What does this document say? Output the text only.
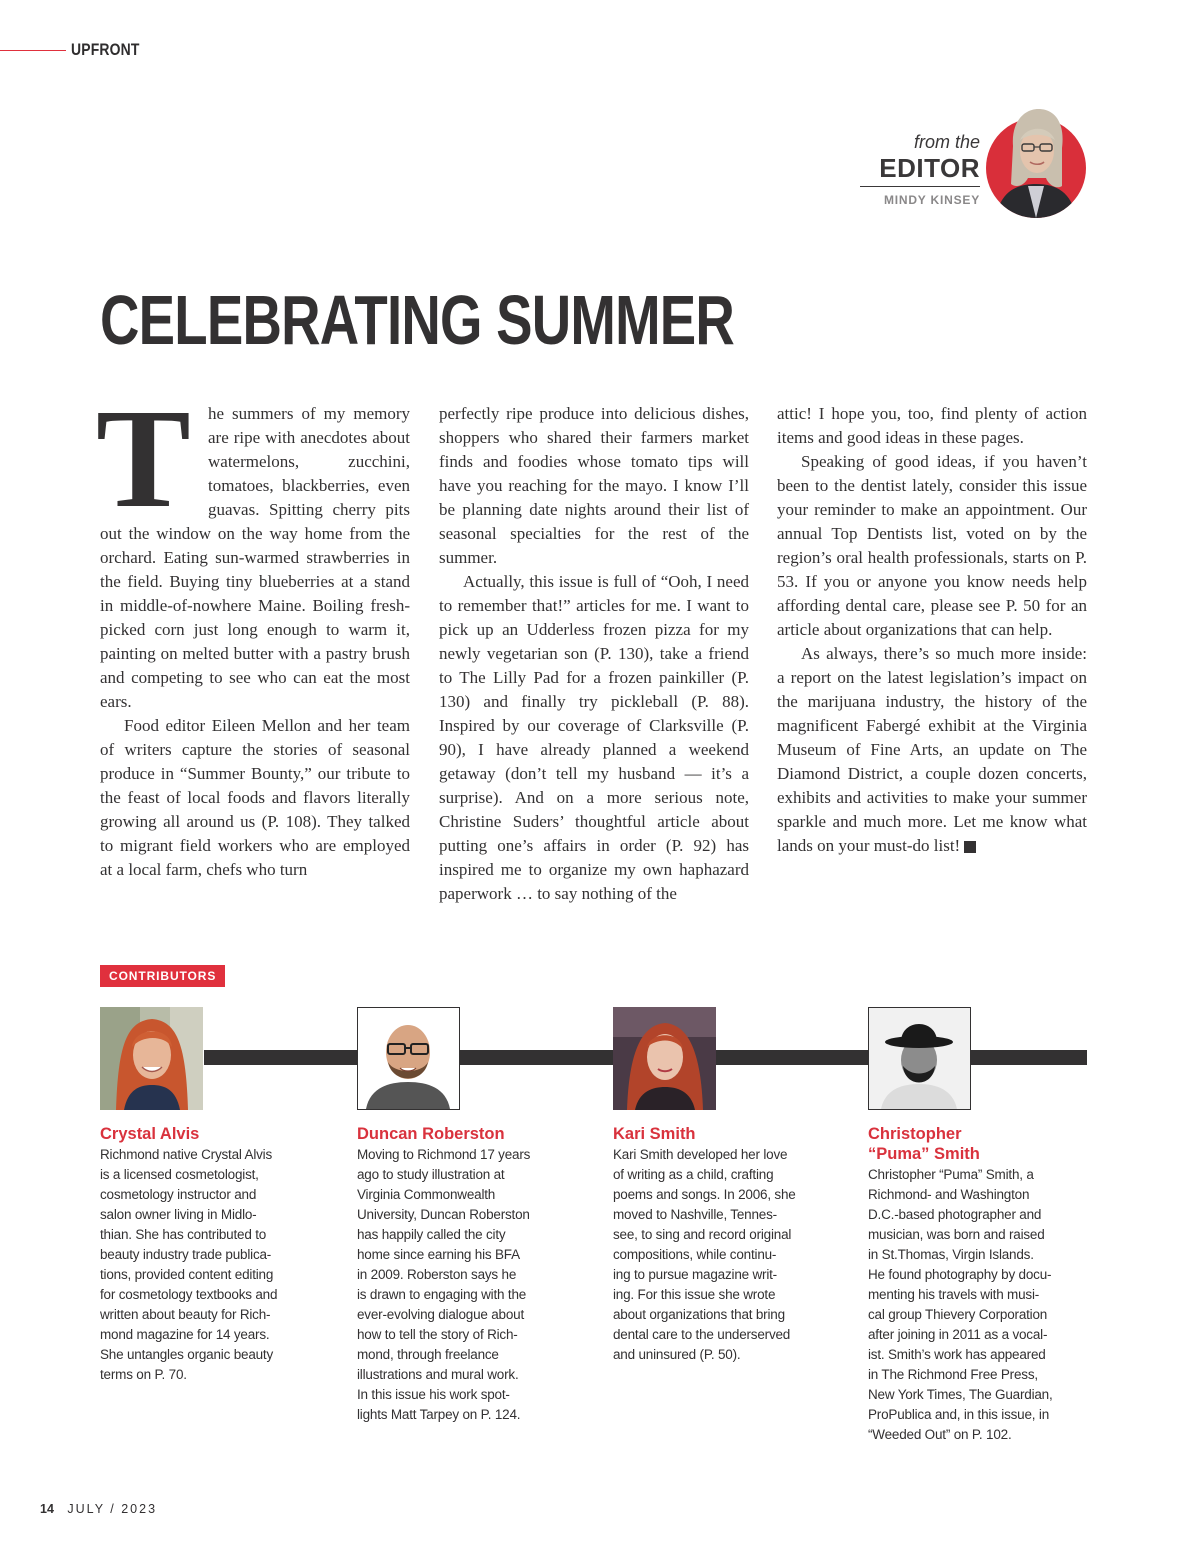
UPFRONT
from the
EDITOR
MINDY KINSEY
CELEBRATING SUMMER

T	he summers of my memory are ripe with anecdotes about watermelons, zucchini, tomatoes, blackberries, even guavas. Spitting cherry pits out the window on the way home from the orchard. Eating sun-warmed strawberries in the field. Buying tiny blueberries at a stand in middle-of-nowhere Maine. Boiling fresh-picked corn just long enough to warm it, painting on melted butter with a pastry brush and competing to see who can eat the most ears.

Food editor Eileen Mellon and her team of writers capture the stories of seasonal produce in “Summer Bounty,” our tribute to the feast of local foods and flavors literally growing all around us (P. 108). They talked to migrant field workers who are employed at a local farm, chefs who turn

perfectly ripe produce into delicious dishes, shoppers who shared their farmers market finds and foodies whose tomato tips will have you reaching for the mayo. I know I’ll be planning date nights around their list of seasonal specialties for the rest of the summer.

Actually, this issue is full of “Ooh, I need to remember that!” articles for me. I want to pick up an Udderless frozen pizza for my newly vegetarian son (P. 130), take a friend to The Lilly Pad for a frozen painkiller (P. 130) and finally try pickleball (P. 88). Inspired by our coverage of Clarksville (P. 90), I have already planned a weekend getaway (don’t tell my husband — it’s a surprise). And on a more serious note, Christine Suders’ thoughtful article about putting one’s affairs in order (P. 92) has inspired me to organize my own haphazard paperwork … to say nothing of the

attic! I hope you, too, find plenty of action items and good ideas in these pages.

Speaking of good ideas, if you haven’t been to the dentist lately, consider this issue your reminder to make an appointment. Our annual Top Dentists list, voted on by the region’s oral health professionals, starts on P. 53. If you or anyone you know needs help affording dental care, please see P. 50 for an article about organizations that can help.

As always, there’s so much more inside: a report on the latest legislation’s impact on the marijuana industry, the history of the magnificent Fabergé exhibit at the Virginia Museum of Fine Arts, an update on The Diamond District, a couple dozen concerts, exhibits and activities to make your summer sparkle and much more. Let me know what lands on your must-do list!	R

CONTRIBUTORS
Crystal Alvis
Richmond native Crystal Alvis
is a licensed cosmetologist,
cosmetology instructor and
salon owner living in Midlo-
thian. She has contributed to
beauty industry trade publica-
tions, provided content editing
for cosmetology textbooks and
written about beauty for Rich-
mond magazine for 14 years.
She untangles organic beauty
terms on P. 70.
Duncan Roberston
Moving to Richmond 17 years
ago to study illustration at
Virginia Commonwealth
University, Duncan Roberston
has happily called the city
home since earning his BFA
in 2009. Roberston says he
is drawn to engaging with the
ever-evolving dialogue about
how to tell the story of Rich-
mond, through freelance
illustrations and mural work.
In this issue his work spot-
lights Matt Tarpey on P. 124.
Kari Smith
Kari Smith developed her love
of writing as a child, crafting
poems and songs. In 2006, she
moved to Nashville, Tennes-
see, to sing and record original
compositions, while continu-
ing to pursue magazine writ-
ing. For this issue she wrote
about organizations that bring
dental care to the underserved
and uninsured (P. 50).
Christopher
“Puma” Smith
Christopher “Puma” Smith, a
Richmond- and Washington
D.C.-based photographer and
musician, was born and raised
in St.Thomas, Virgin Islands.
He found photography by docu-
menting his travels with musi-
cal group Thievery Corporation
after joining in 2011 as a vocal-
ist. Smith’s work has appeared
in The Richmond Free Press,
New York Times, The Guardian,
ProPublica and, in this issue, in
“Weeded Out” on P. 102.
14 JULY / 2023
